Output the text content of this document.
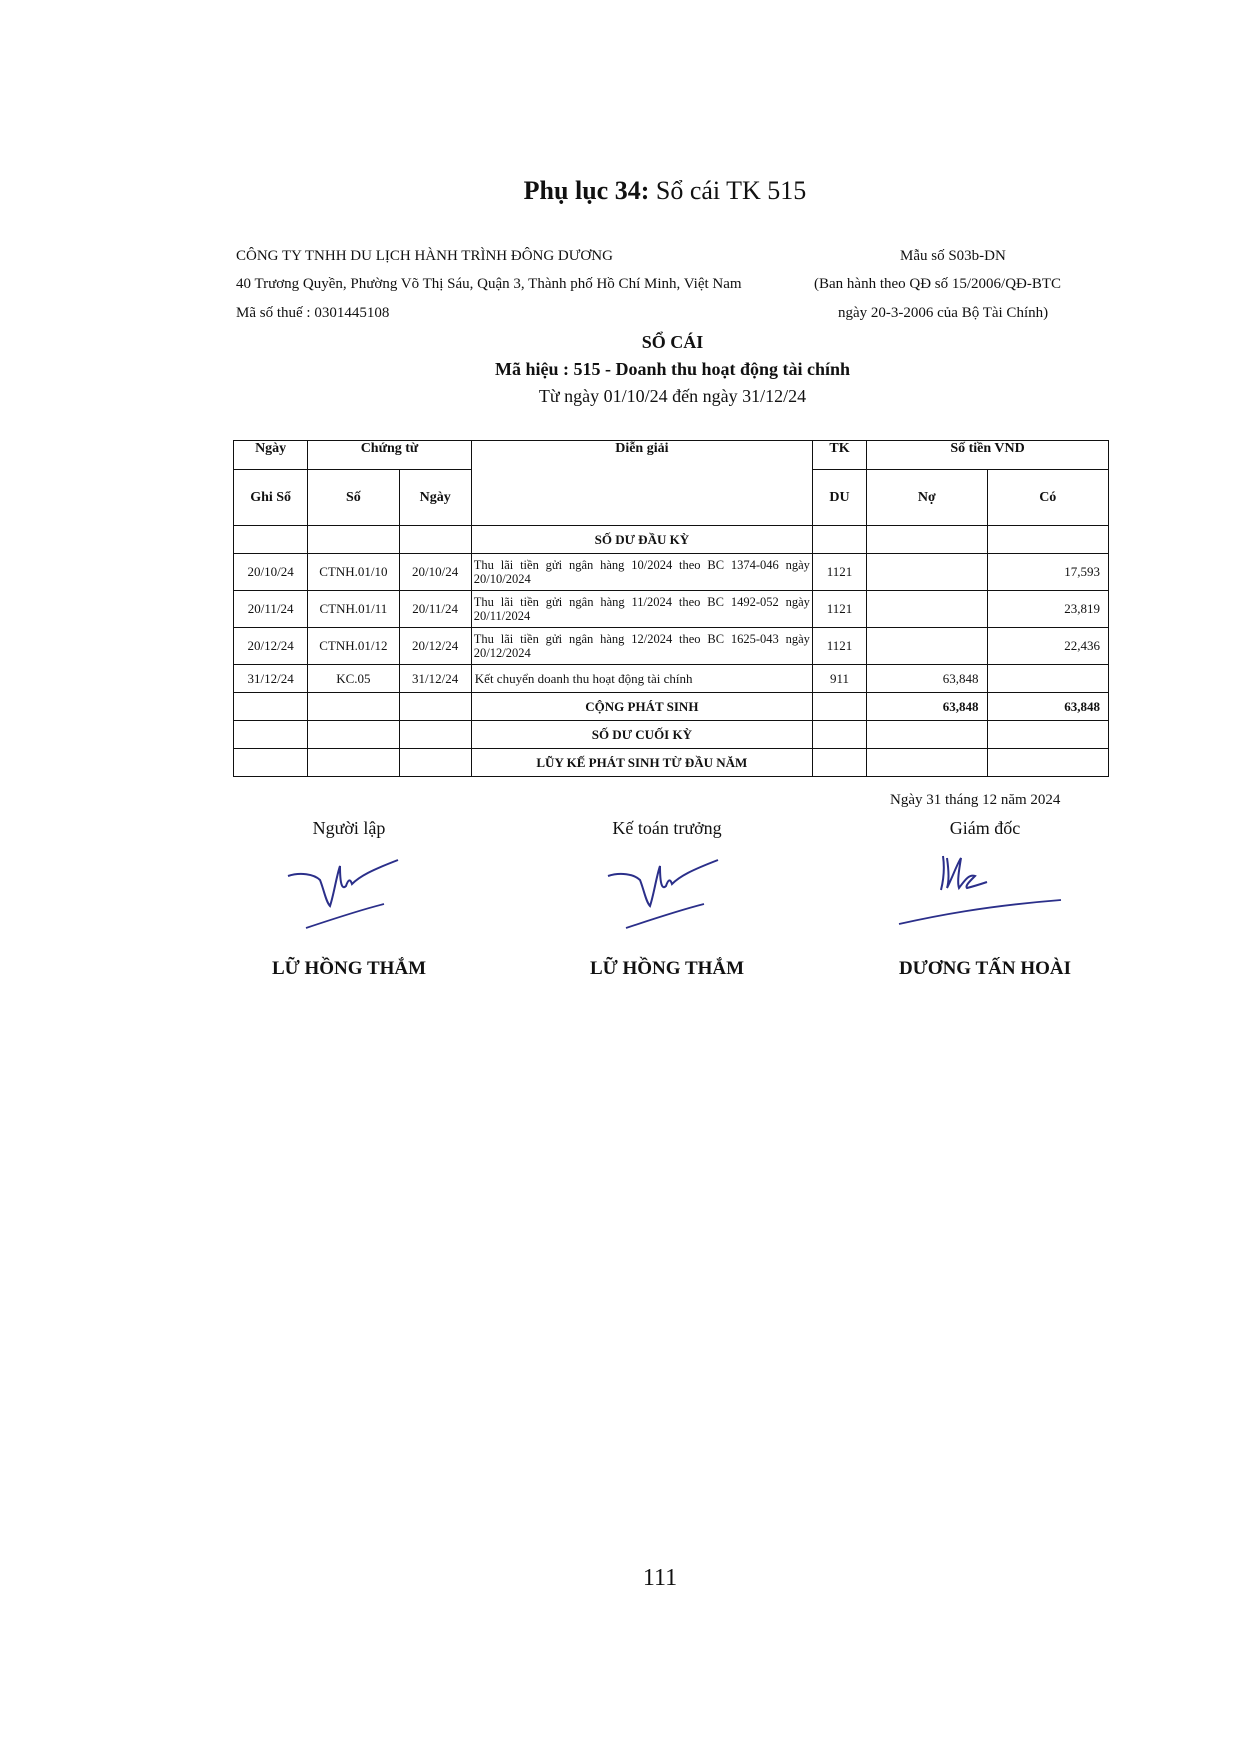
Phụ lục 34: Sổ cái TK 515
CÔNG TY TNHH DU LỊCH HÀNH TRÌNH ĐÔNG DƯƠNG
40 Trương Quyền, Phường Võ Thị Sáu, Quận 3, Thành phố Hồ Chí Minh, Việt Nam
Mã số thuế : 0301445108
Mẫu số S03b-DN
(Ban hành theo QĐ số 15/2006/QĐ-BTC
ngày 20-3-2006 của Bộ Tài Chính)
SỔ CÁI
Mã hiệu : 515 - Doanh thu hoạt động tài chính
Từ ngày 01/10/24 đến ngày 31/12/24
Ngày	Chứng từ		Diễn giải	TK	Số tiền VND	
Ghi Sổ	Số	Ngày		DU	Nợ	Có
			SỐ DƯ ĐẦU KỲ			
20/10/24	CTNH.01/10	20/10/24	Thu lãi tiền gửi ngân hàng 10/2024 theo BC 1374-046 ngày 20/10/2024	1121		17,593
20/11/24	CTNH.01/11	20/11/24	Thu lãi tiền gửi ngân hàng 11/2024 theo BC 1492-052 ngày 20/11/2024	1121		23,819
20/12/24	CTNH.01/12	20/12/24	Thu lãi tiền gửi ngân hàng 12/2024 theo BC 1625-043 ngày 20/12/2024	1121		22,436
31/12/24	KC.05	31/12/24	Kết chuyển doanh thu hoạt động tài chính	911	63,848	
			CỘNG PHÁT SINH		63,848	63,848
			SỐ DƯ CUỐI KỲ			
			LŨY KẾ PHÁT SINH TỪ ĐẦU NĂM			
Ngày 31 tháng 12 năm 2024
Người lập	Kế toán trưởng	Giám đốc
LỮ HỒNG THẮM	LỮ HỒNG THẮM	DƯƠNG TẤN HOÀI
111
